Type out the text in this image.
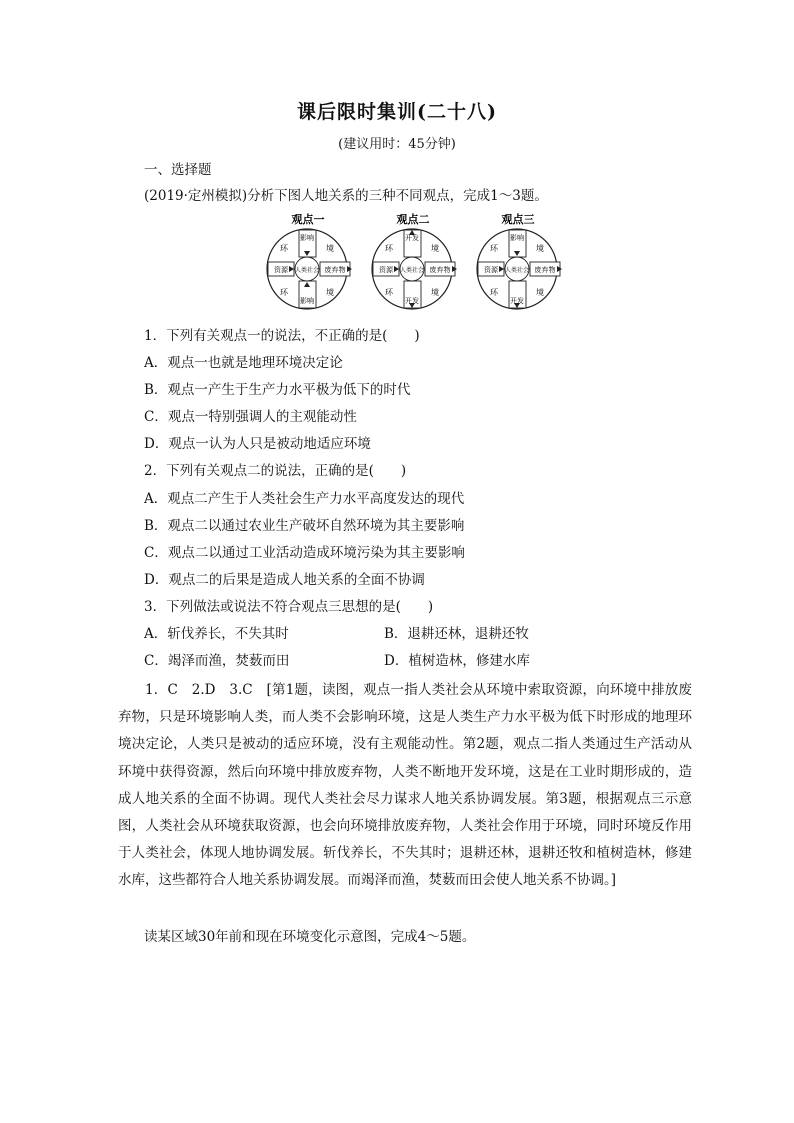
课后限时集训(二十八)
(建议用时：45分钟)
一、选择题
(2019·定州模拟)分析下图人地关系的三种不同观点，完成1～3题。
观点一
影响
影响
资源	废弃物
人类社会
环	境
环	境
观点二
开发
开发
资源	废弃物
人类社会
环	境
环	境
观点三
影响
开发
资源	废弃物
人类社会
环	境
环	境
1．下列有关观点一的说法，不正确的是(　　)
A．观点一也就是地理环境决定论
B．观点一产生于生产力水平极为低下的时代
C．观点一特别强调人的主观能动性
D．观点一认为人只是被动地适应环境
2．下列有关观点二的说法，正确的是(　　)
A．观点二产生于人类社会生产力水平高度发达的现代
B．观点二以通过农业生产破坏自然环境为其主要影响
C．观点二以通过工业活动造成环境污染为其主要影响
D．观点二的后果是造成人地关系的全面不协调
3．下列做法或说法不符合观点三思想的是(　　)
A．斩伐养长，不失其时	B．退耕还林，退耕还牧
C．竭泽而渔，焚薮而田	D．植树造林，修建水库
1．C　2.D　3.C　[第1题，读图，观点一指人类社会从环境中索取资源，向环境中排放废弃物，只是环境影响人类，而人类不会影响环境，这是人类生产力水平极为低下时形成的地理环境决定论，人类只是被动的适应环境，没有主观能动性。第2题，观点二指人类通过生产活动从环境中获得资源，然后向环境中排放废弃物，人类不断地开发环境，这是在工业时期形成的，造成人地关系的全面不协调。现代人类社会尽力谋求人地关系协调发展。第3题，根据观点三示意图，人类社会从环境获取资源，也会向环境排放废弃物，人类社会作用于环境，同时环境反作用于人类社会，体现人地协调发展。斩伐养长，不失其时；退耕还林，退耕还牧和植树造林，修建水库，这些都符合人地关系协调发展。而竭泽而渔，焚薮而田会使人地关系不协调。]
读某区域30年前和现在环境变化示意图，完成4～5题。
